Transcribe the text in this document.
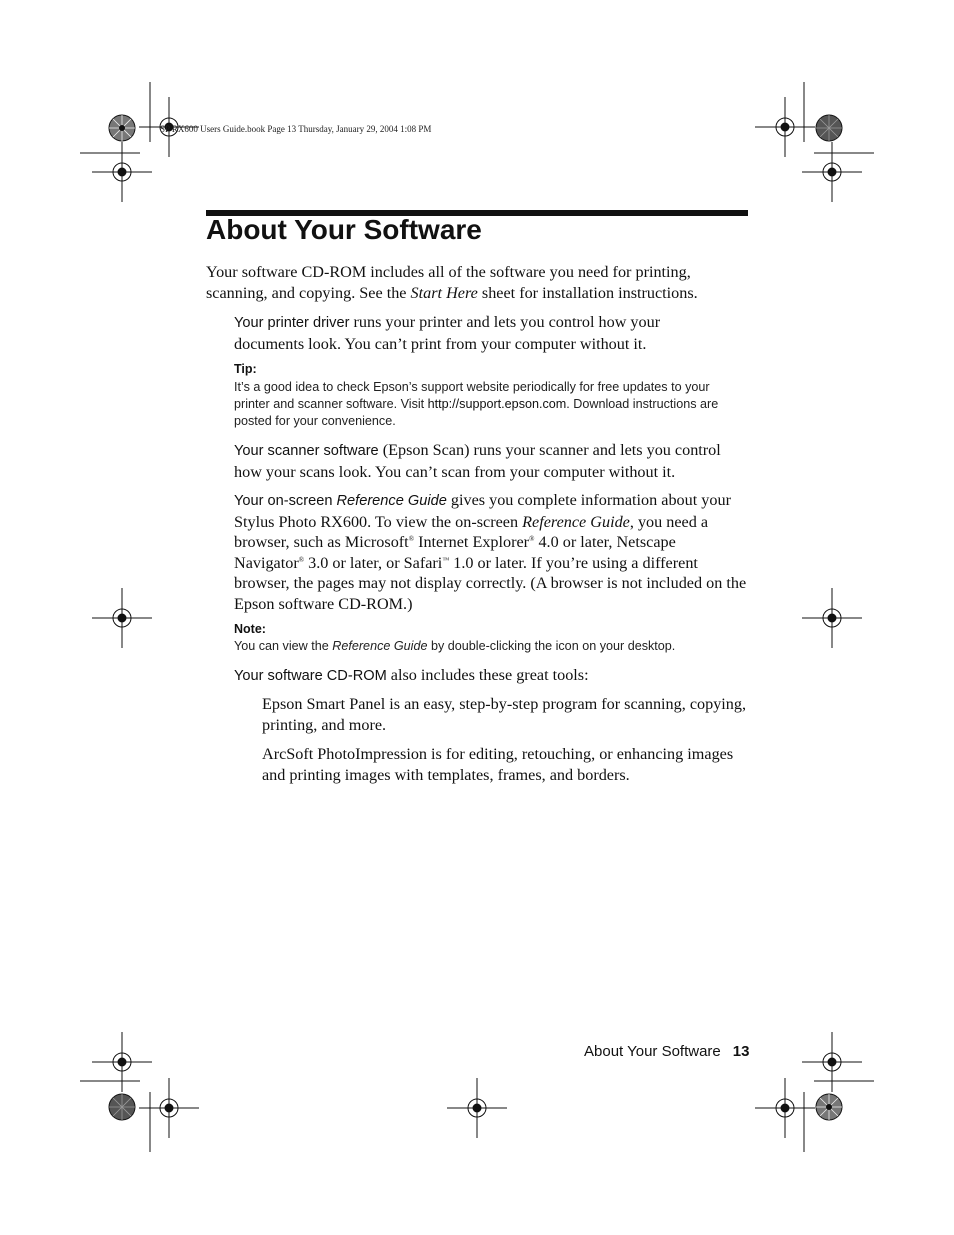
SP RX600 Users Guide.book Page 13 Thursday, January 29, 2004 1:08 PM
About Your Software

Your software CD-ROM includes all of the software you need for printing, scanning, and copying. See the Start Here sheet for installation instructions.

Your printer driver runs your printer and lets you control how your documents look. You can’t print from your computer without it.

Tip:

It’s a good idea to check Epson’s support website periodically for free updates to your printer and scanner software. Visit http://support.epson.com. Download instructions are posted for your convenience.

Your scanner software (Epson Scan) runs your scanner and lets you control how your scans look. You can’t scan from your computer without it.

Your on-screen Reference Guide gives you complete information about your Stylus Photo RX600. To view the on-screen Reference Guide, you need a browser, such as Microsoft® Internet Explorer® 4.0 or later, Netscape Navigator® 3.0 or later, or Safari™ 1.0 or later. If you’re using a different browser, the pages may not display correctly. (A browser is not included on the Epson software CD-ROM.)

Note:

You can view the Reference Guide by double-clicking the icon on your desktop.

Your software CD-ROM also includes these great tools:

Epson Smart Panel is an easy, step-by-step program for scanning, copying, printing, and more.

ArcSoft PhotoImpression is for editing, retouching, or enhancing images and printing images with templates, frames, and borders.

About Your Software 13
